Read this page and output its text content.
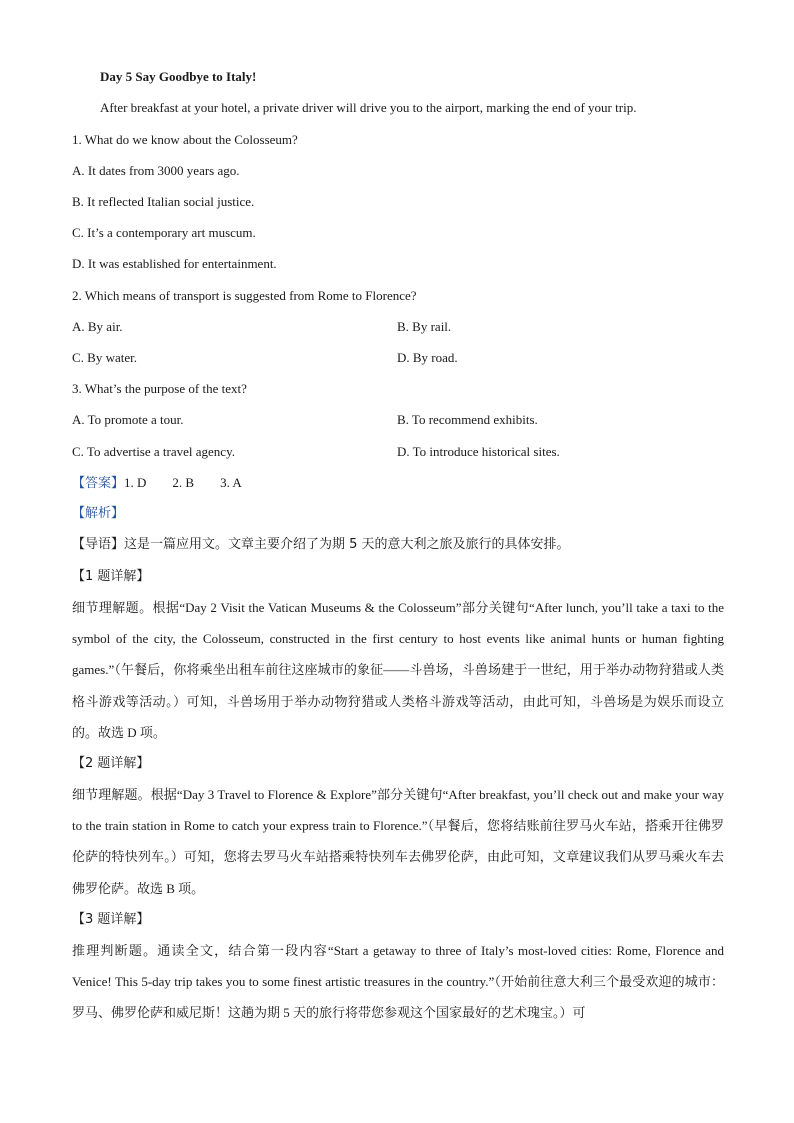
Day 5 Say Goodbye to Italy!
After breakfast at your hotel, a private driver will drive you to the airport, marking the end of your trip.
1. What do we know about the Colosseum?
A. It dates from 3000 years ago.
B. It reflected Italian social justice.
C. It’s a contemporary art muscum.
D. It was established for entertainment.
2. Which means of transport is suggested from Rome to Florence?
A. By air.	B. By rail.
C. By water.	D. By road.
3. What’s the purpose of the text?
A. To promote a tour.	B. To recommend exhibits.
C. To advertise a travel agency.	D. To introduce historical sites.
【答案】1. D 2. B 3. A
【解析】
【导语】这是一篇应用文。文章主要介绍了为期 5 天的意大利之旅及旅行的具体安排。
【1 题详解】
细节理解题。根据“Day 2 Visit the Vatican Museums & the Colosseum”部分关键句“After lunch, you’ll take a taxi to the symbol of the city, the Colosseum, constructed in the first century to host events like animal hunts or human fighting games.”（午餐后，你将乘坐出租车前往这座城市的象征——斗兽场，斗兽场建于一世纪，用于举办动物狩猎或人类格斗游戏等活动。）可知，斗兽场用于举办动物狩猎或人类格斗游戏等活动，由此可知，斗兽场是为娱乐而设立的。故选 D 项。
【2 题详解】
细节理解题。根据“Day 3 Travel to Florence & Explore”部分关键句“After breakfast, you’ll check out and make your way to the train station in Rome to catch your express train to Florence.”（早餐后，您将结账前往罗马火车站，搭乘开往佛罗伦萨的特快列车。）可知，您将去罗马火车站搭乘特快列车去佛罗伦萨，由此可知，文章建议我们从罗马乘火车去佛罗伦萨。故选 B 项。
【3 题详解】
推理判断题。通读全文，结合第一段内容“Start a getaway to three of Italy’s most-loved cities: Rome, Florence and Venice! This 5-day trip takes you to some finest artistic treasures in the country.”（开始前往意大利三个最受欢迎的城市：罗马、佛罗伦萨和威尼斯！这趟为期 5 天的旅行将带您参观这个国家最好的艺术瑰宝。）可
